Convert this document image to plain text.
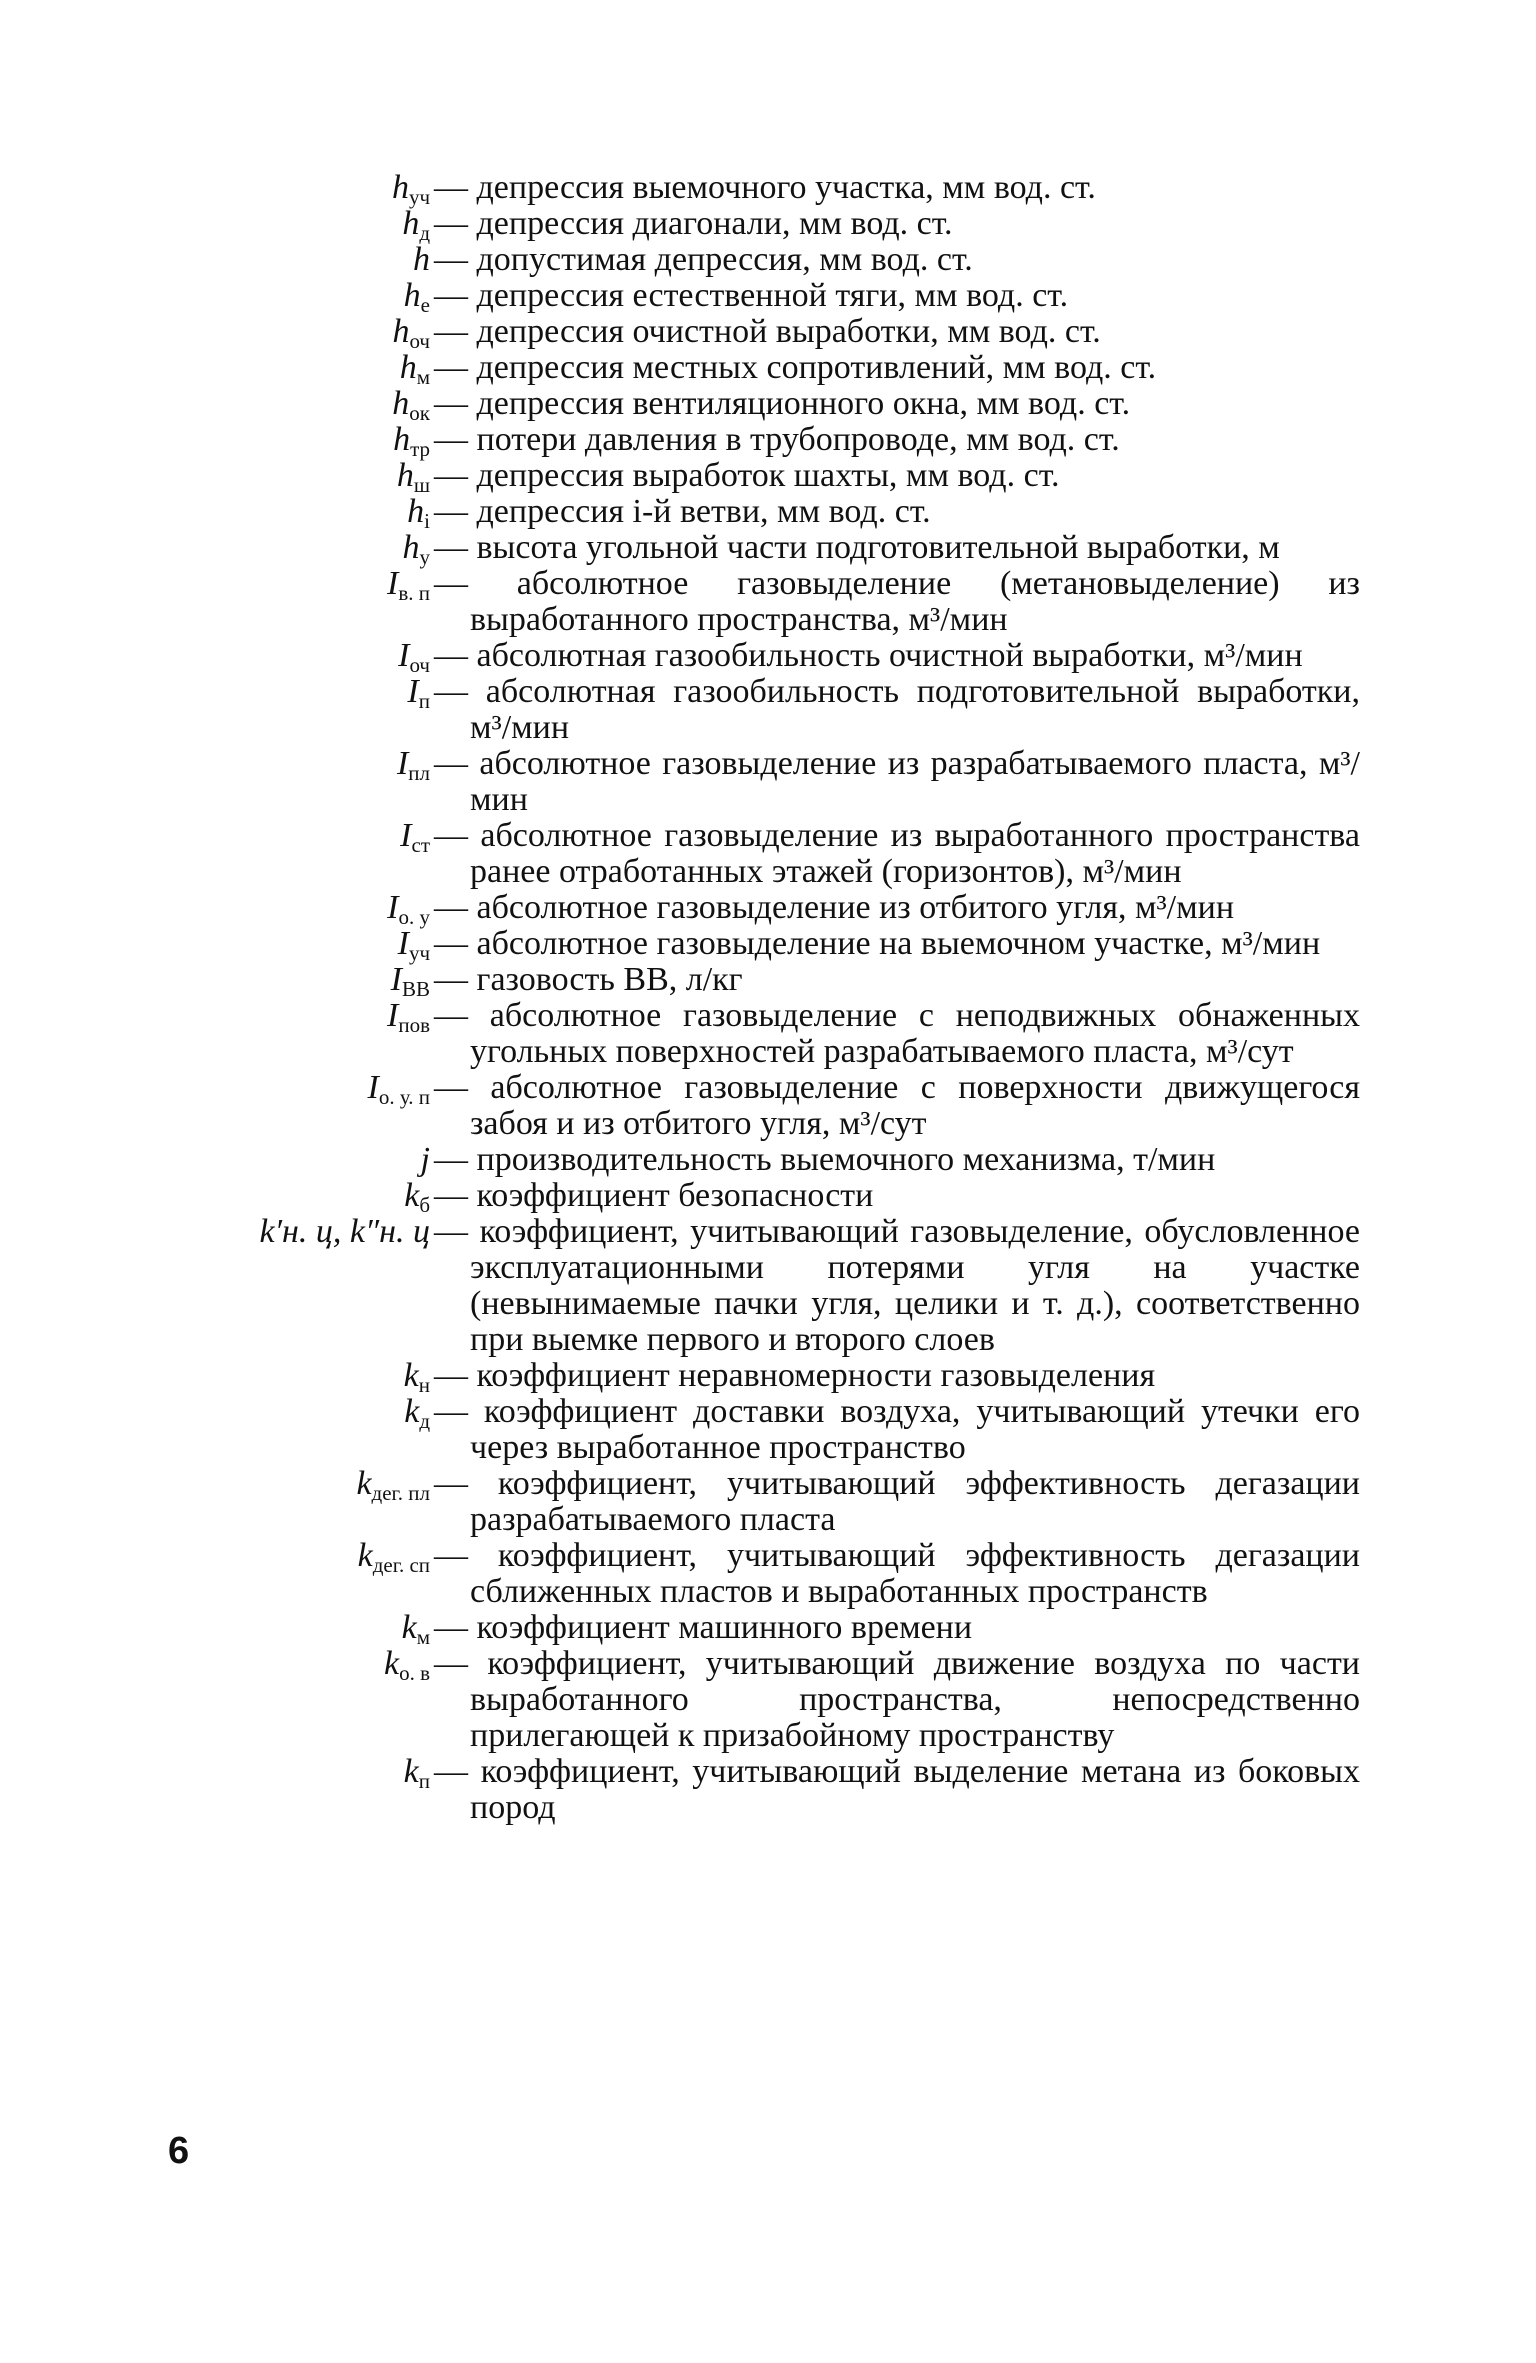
$h_{уч}$ — депрессия выемочного участка, мм вод. ст.
$h_д$ — депрессия диагонали, мм вод. ст.
h — допустимая депрессия, мм вод. ст.
$h_е$ — депрессия естественной тяги, мм вод. ст.
$h_{оч}$ — депрессия очистной выработки, мм вод. ст.
$h_м$ — депрессия местных сопротивлений, мм вод. ст.
$h_{ок}$ — депрессия вентиляционного окна, мм вод. ст.
$h_{тр}$ — потери давления в трубопроводе, мм вод. ст.
$h_ш$ — депрессия выработок шахты, мм вод. ст.
$h_i$ — депрессия i-й ветви, мм вод. ст.
$h_у$ — высота угольной части подготовительной выработки, м
$I_{в. п}$ — абсолютное газовыделение (метановыделение) из выработанного пространства, м³/мин
$I_{оч}$ — абсолютная газообильность очистной выработки, м³/мин
$I_п$ — абсолютная газообильность подготовительной выработки, м³/мин
$I_{пл}$ — абсолютное газовыделение из разрабатываемого пласта, м³/мин
$I_{ст}$ — абсолютное газовыделение из выработанного пространства ранее отработанных этажей (горизонтов), м³/мин
$I_{о. у}$ — абсолютное газовыделение из отбитого угля, м³/мин
$I_{уч}$ — абсолютное газовыделение на выемочном участке, м³/мин
$I_{ВВ}$ — газовость ВВ, л/кг
$I_{пов}$ — абсолютное газовыделение с неподвижных обнаженных угольных поверхностей разрабатываемого пласта, м³/сут
$I_{о. у. п}$ — абсолютное газовыделение с поверхности движущегося забоя и из отбитого угля, м³/сут
j — производительность выемочного механизма, т/мин
$k_б$ — коэффициент безопасности
k′н. ц, k″н. ц — коэффициент, учитывающий газовыделение, обусловленное эксплуатационными потерями угля на участке (невынимаемые пачки угля, целики и т. д.), соответственно при выемке первого и второго слоев
$k_н$ — коэффициент неравномерности газовыделения
$k_д$ — коэффициент доставки воздуха, учитывающий утечки его через выработанное пространство
$k_{дег. пл}$ — коэффициент, учитывающий эффективность дегазации разрабатываемого пласта
$k_{дег. сп}$ — коэффициент, учитывающий эффективность дегазации сближенных пластов и выработанных пространств
$k_м$ — коэффициент машинного времени
$k_{о. в}$ — коэффициент, учитывающий движение воздуха по части выработанного пространства, непосредственно прилегающей к призабойному пространству
$k_п$ — коэффициент, учитывающий выделение метана из боковых пород
6
